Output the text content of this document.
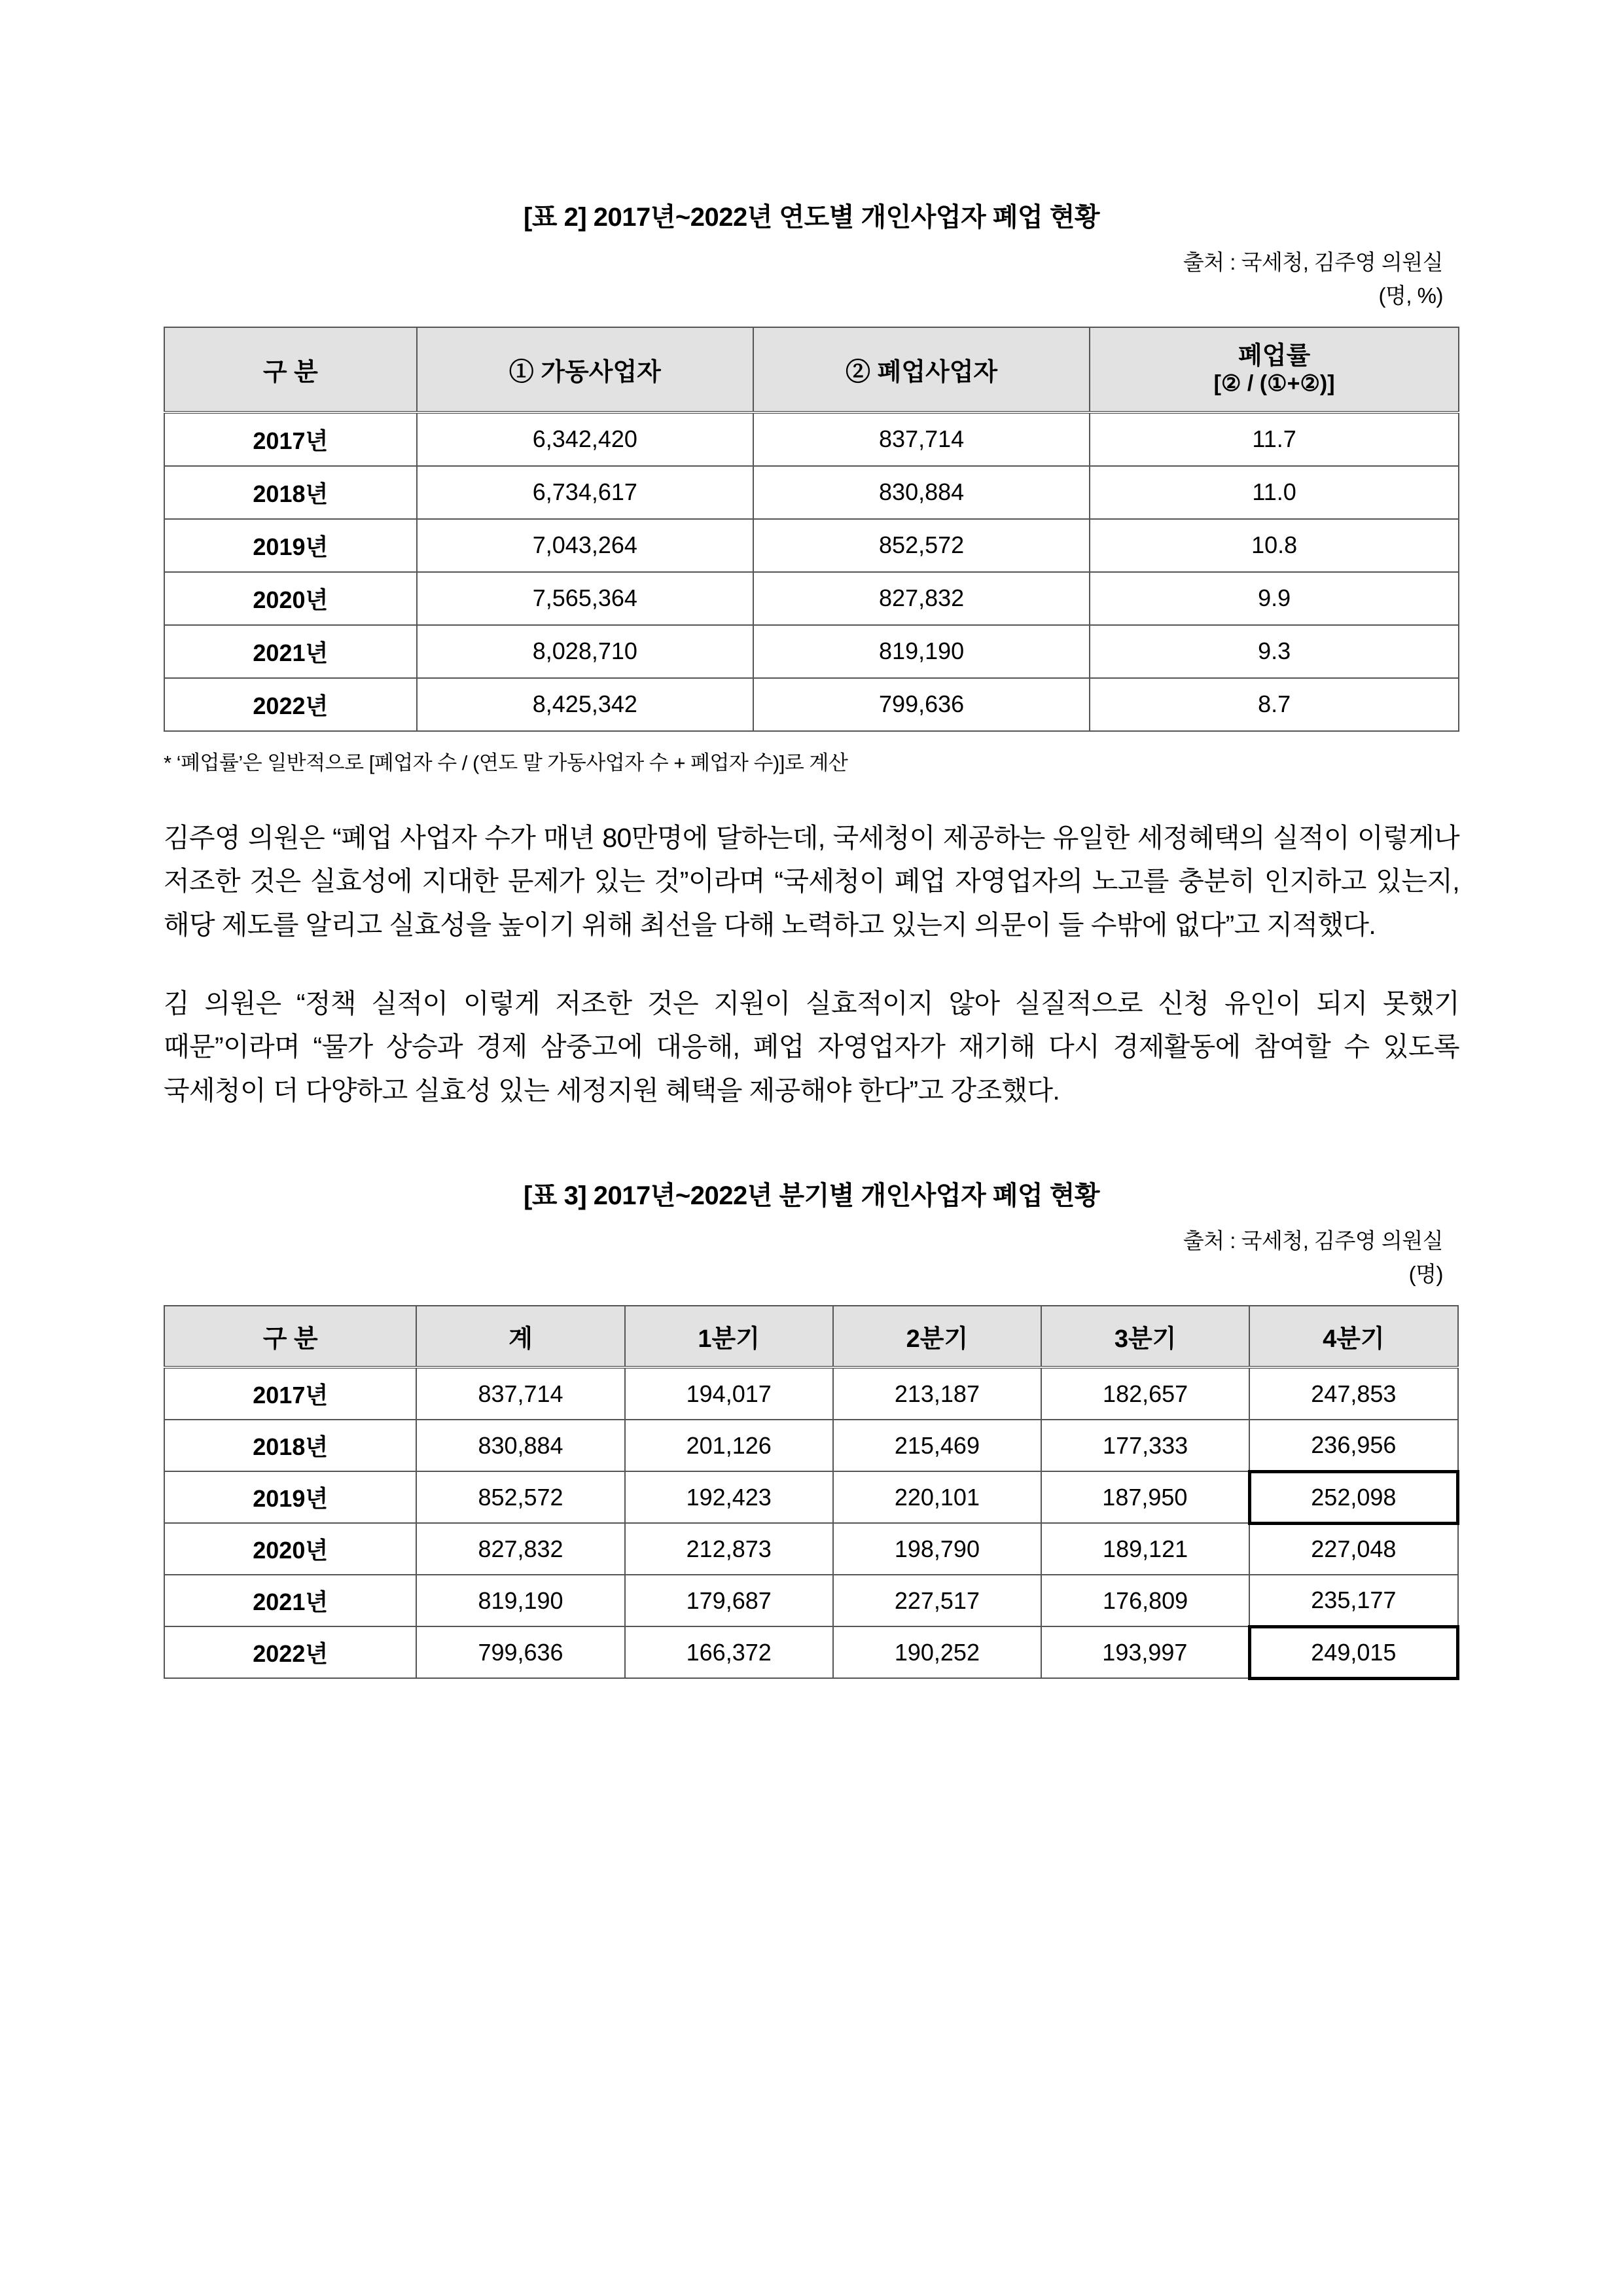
[표 2] 2017년~2022년 연도별 개인사업자 폐업 현황
출처 : 국세청, 김주영 의원실
(명, %)
구 분	① 가동사업자	② 폐업사업자	폐업률
[② / (①+②)]

2017년	6,342,420	837,714	11.7
2018년	6,734,617	830,884	11.0
2019년	7,043,264	852,572	10.8
2020년	7,565,364	827,832	9.9
2021년	8,028,710	819,190	9.3
2022년	8,425,342	799,636	8.7
* ‘폐업률’은 일반적으로 [폐업자 수 / (연도 말 가동사업자 수 + 폐업자 수)]로 계산

김주영 의원은 “폐업 사업자 수가 매년 80만명에 달하는데, 국세청이 제공하는 유일한 세정혜택의 실적이 이렇게나 저조한 것은 실효성에 지대한 문제가 있는 것”이라며 “국세청이 폐업 자영업자의 노고를 충분히 인지하고 있는지, 해당 제도를 알리고 실효성을 높이기 위해 최선을 다해 노력하고 있는지 의문이 들 수밖에 없다”고 지적했다.

김 의원은 “정책 실적이 이렇게 저조한 것은 지원이 실효적이지 않아 실질적으로 신청 유인이 되지 못했기 때문”이라며 “물가 상승과 경제 삼중고에 대응해, 폐업 자영업자가 재기해 다시 경제활동에 참여할 수 있도록 국세청이 더 다양하고 실효성 있는 세정지원 혜택을 제공해야 한다”고 강조했다.

[표 3] 2017년~2022년 분기별 개인사업자 폐업 현황
출처 : 국세청, 김주영 의원실
(명)
구 분	계	1분기	2분기	3분기	4분기
2017년	837,714	194,017	213,187	182,657	247,853
2018년	830,884	201,126	215,469	177,333	236,956
2019년	852,572	192,423	220,101	187,950	252,098
2020년	827,832	212,873	198,790	189,121	227,048
2021년	819,190	179,687	227,517	176,809	235,177
2022년	799,636	166,372	190,252	193,997	249,015
